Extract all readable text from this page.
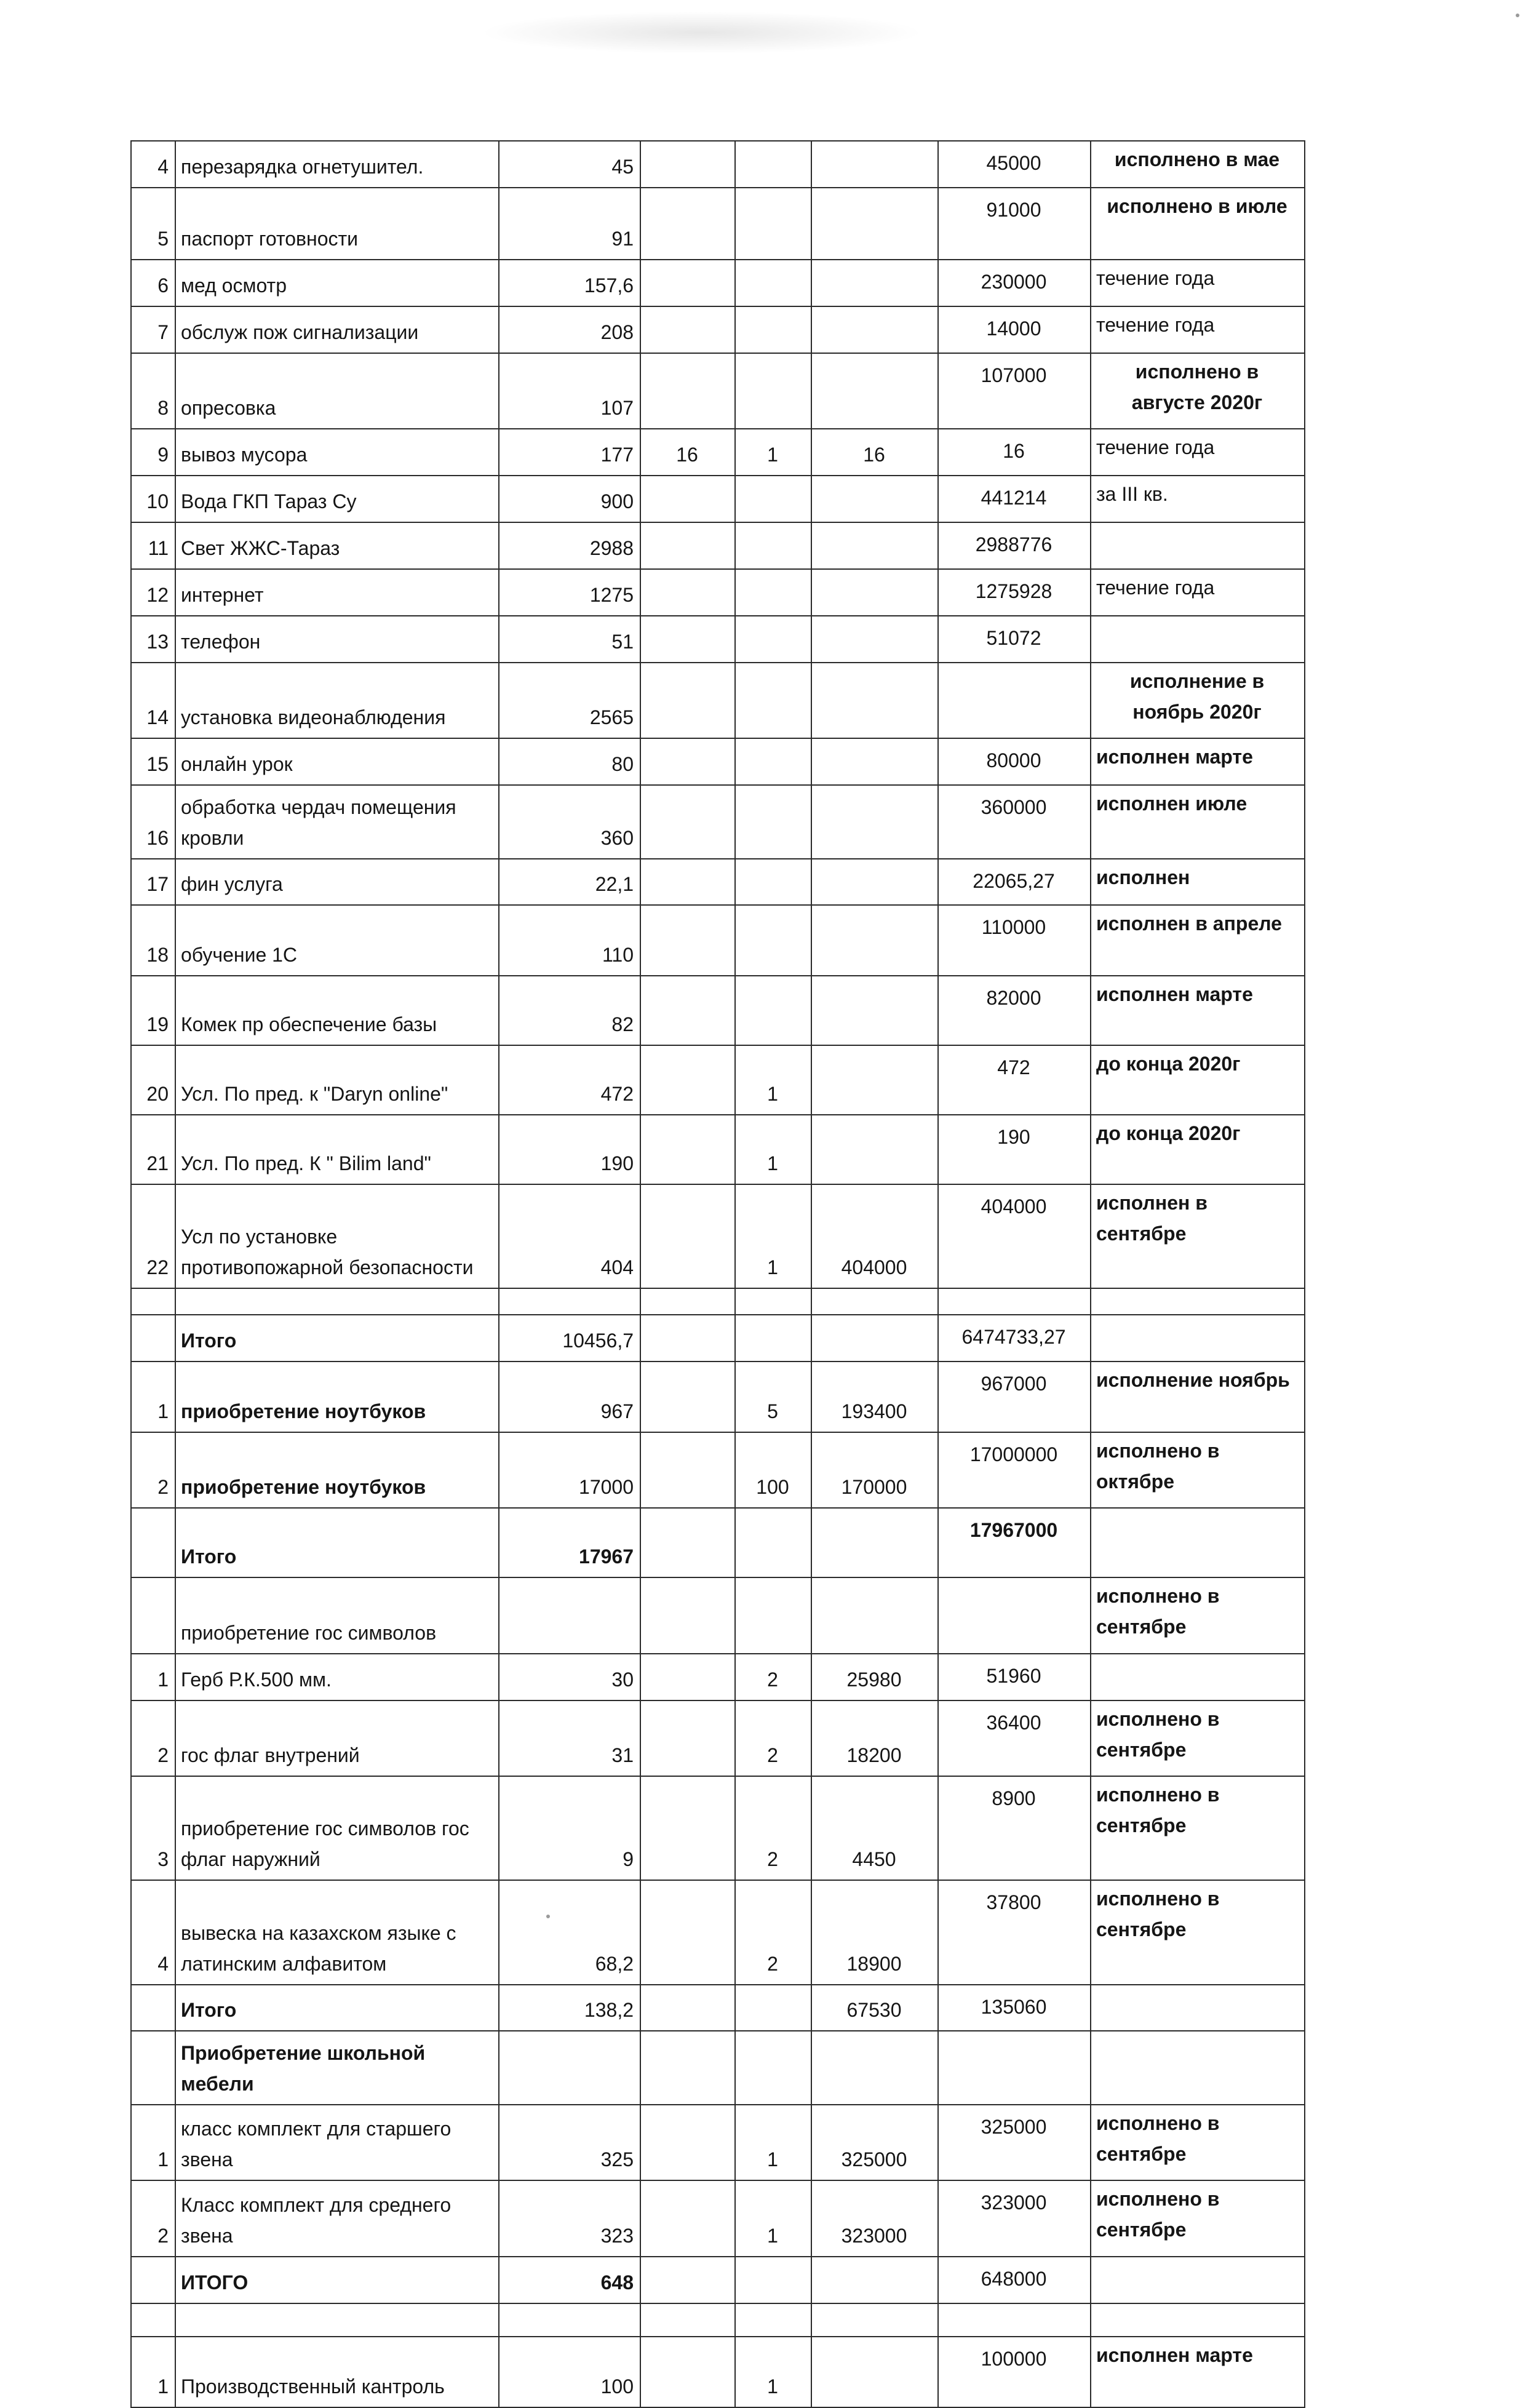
4	перезарядка огнетушител.	45				45000	исполнено в мае
5	паспорт готовности	91				91000	исполнено в июле
6	мед осмотр	157,6				230000	течение года
7	обслуж пож сигнализации	208				14000	течение года
8	опресовка	107				107000	исполнено в августе 2020г
9	вывоз мусора	177	16	1	16	16	течение года
10	Вода ГКП Тараз Су	900				441214	за III кв.
11	Свет ЖЖС-Тараз	2988				2988776	
12	интернет	1275				1275928	течение года
13	телефон	51				51072	
14	установка видеонаблюдения	2565					исполнение в ноябрь 2020г
15	онлайн урок	80				80000	исполнен марте
16	обработка чердач помещения кровли	360				360000	исполнен июле
17	фин услуга	22,1				22065,27	исполнен
18	обучение 1С	110				110000	исполнен в апреле
19	Комек пр обеспечение базы	82				82000	исполнен марте
20	Усл. По пред. к "Daryn online"	472		1		472	до конца 2020г
21	Усл. По пред. К " Bilim land"	190		1		190	до конца 2020г
22	Усл по установке противопожарной безопасности	404		1	404000	404000	исполнен в сентябре

	Итого	10456,7				6474733,27	
1	приобретение ноутбуков	967		5	193400	967000	исполнение ноябрь
2	приобретение ноутбуков	17000		100	170000	17000000	исполнено в октябре
	Итого	17967				17967000	
	приобретение гос символов						исполнено в сентябре
1	Герб Р.К.500 мм.	30		2	25980	51960	
2	гос флаг внутрений	31		2	18200	36400	исполнено в сентябре
3	приобретение гос символов гос флаг наружний	9		2	4450	8900	исполнено в сентябре
4	вывеска на казахском языке с латинским алфавитом	68,2		2	18900	37800	исполнено в сентябре
	Итого	138,2			67530	135060	
	Приобретение школьной мебели						
1	класс комплект для старшего звена	325		1	325000	325000	исполнено в сентябре
2	Класс комплект для среднего звена	323		1	323000	323000	исполнено в сентябре
	ИТОГО	648				648000	

1	Производственный кантроль	100		1		100000	исполнен марте
